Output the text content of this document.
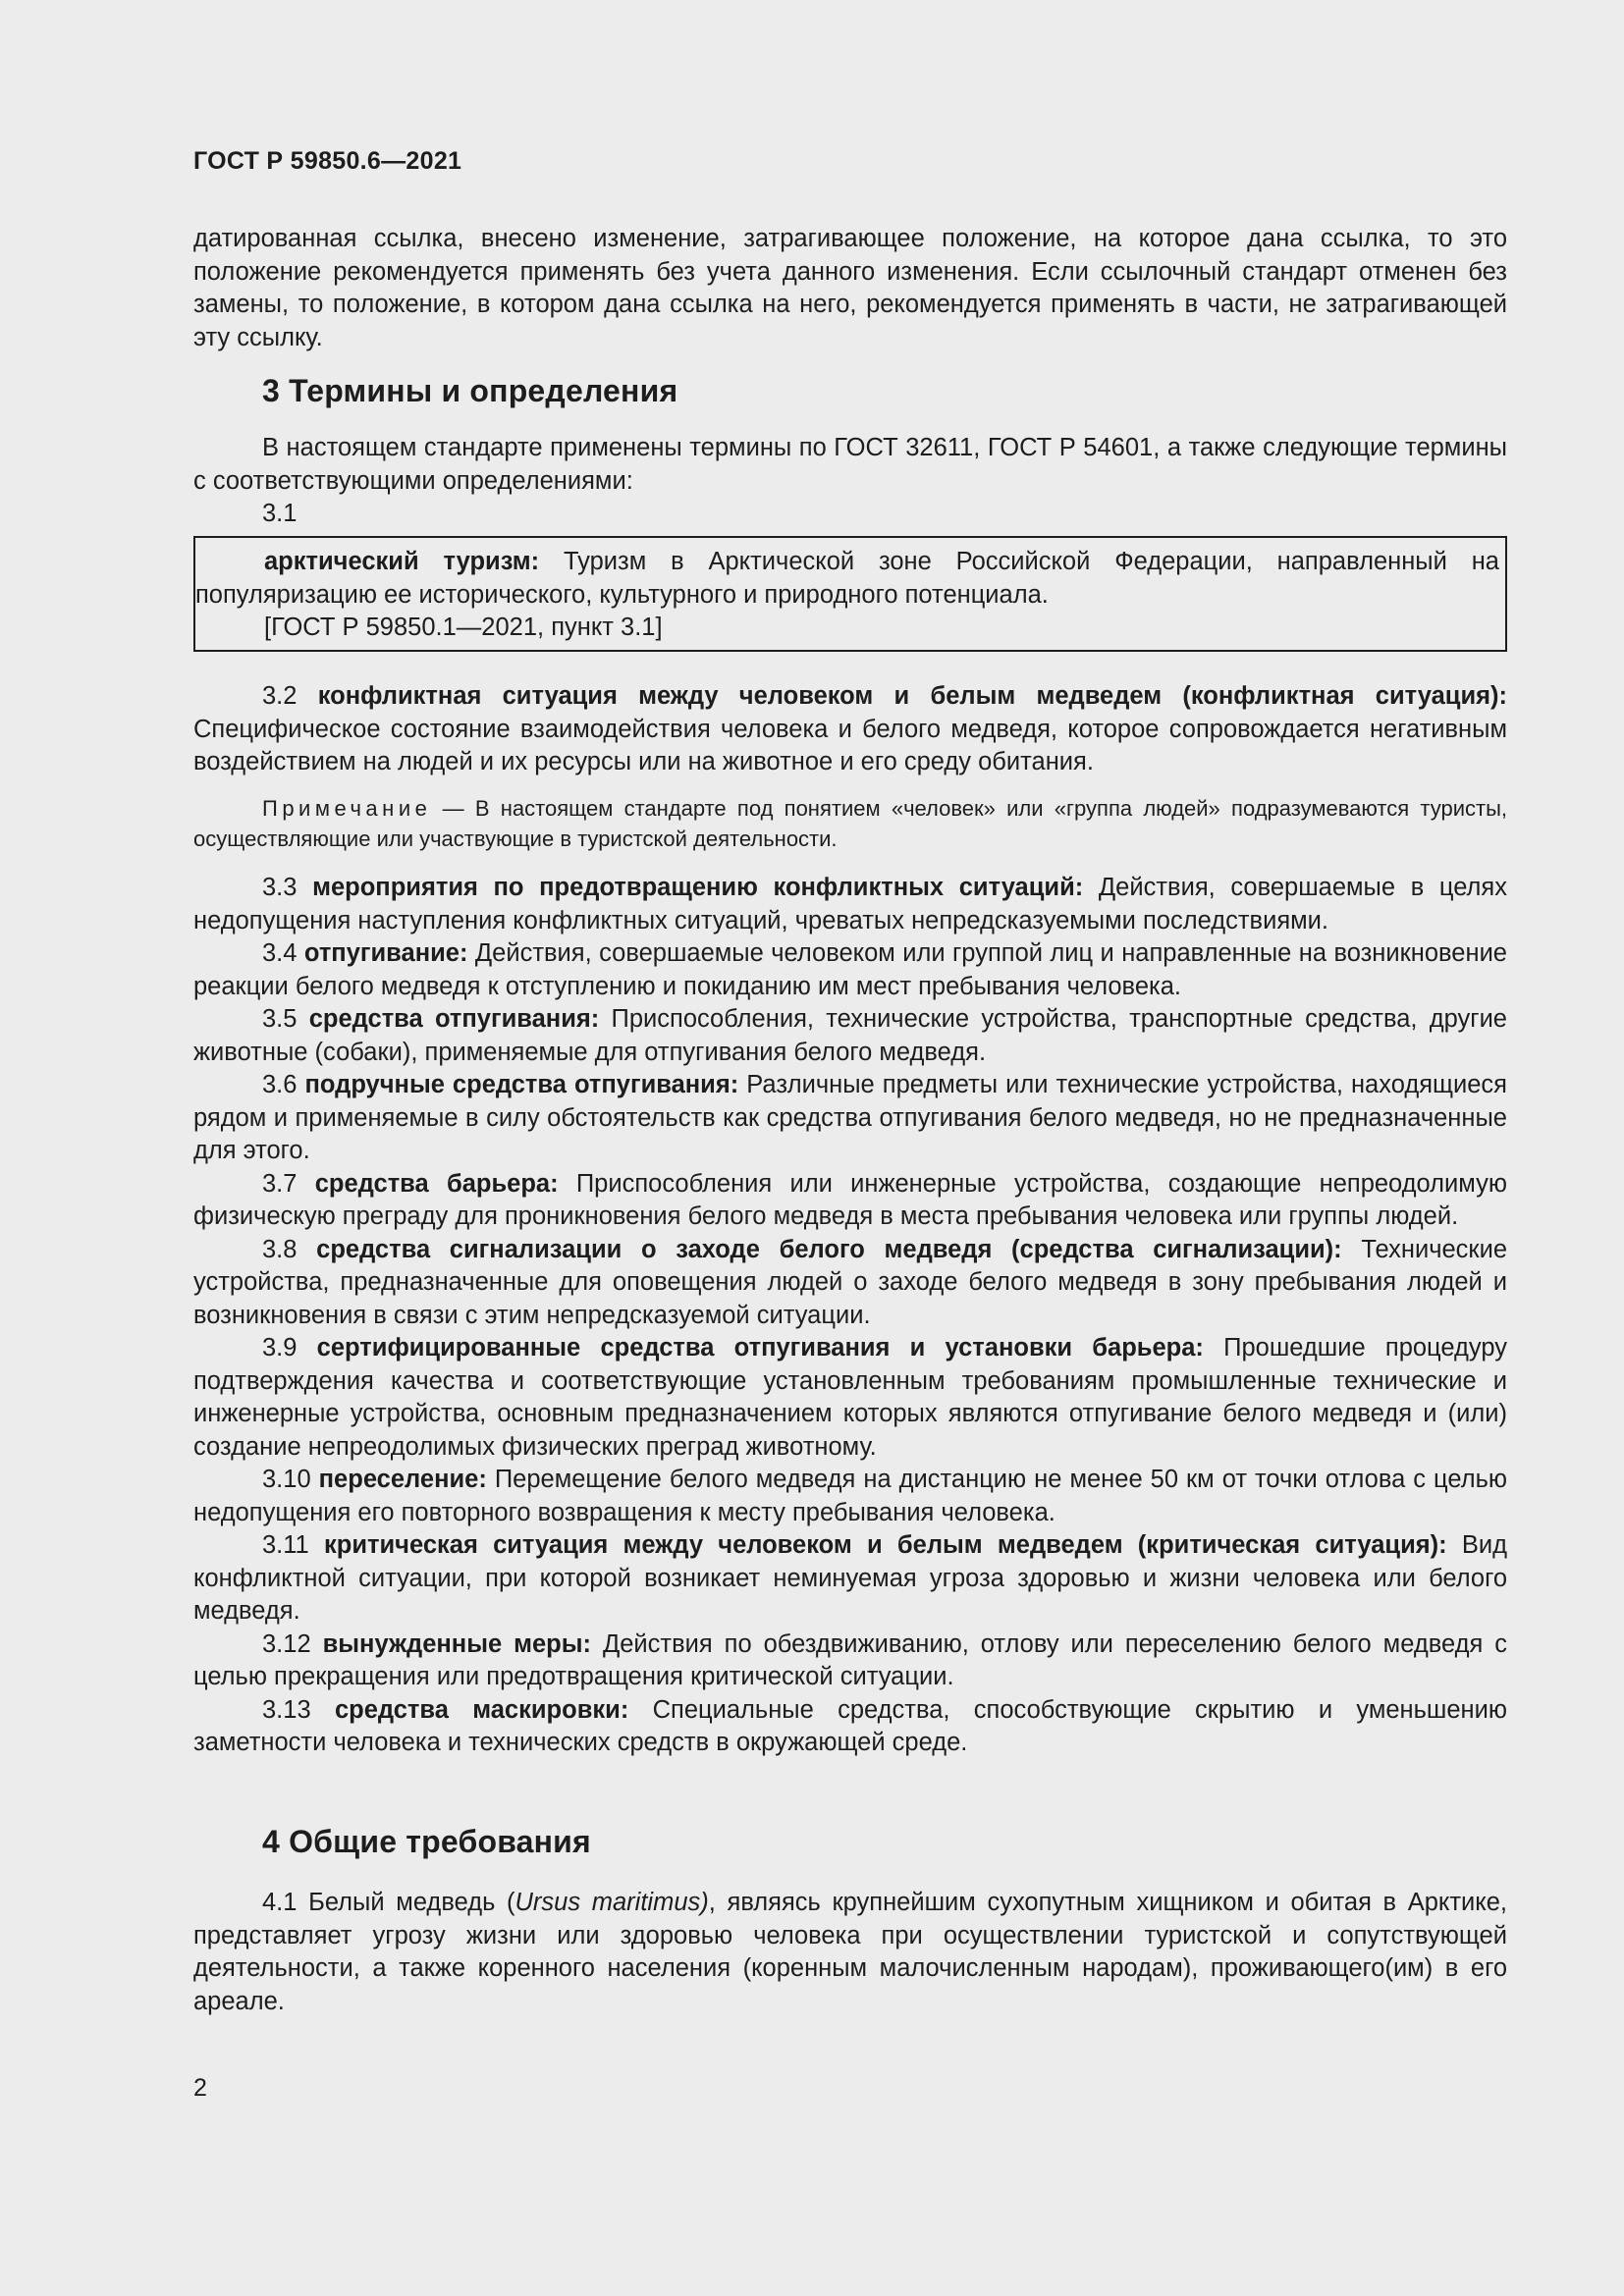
ГОСТ Р 59850.6—2021

датированная ссылка, внесено изменение, затрагивающее положение, на которое дана ссылка, то это положение рекомендуется применять без учета данного изменения. Если ссылочный стандарт отменен без замены, то положение, в котором дана ссылка на него, рекомендуется применять в части, не затрагивающей эту ссылку.

3 Термины и определения

В настоящем стандарте применены термины по ГОСТ 32611, ГОСТ Р 54601, а также следующие термины с соответствующими определениями:

3.1

арктический туризм: Туризм в Арктической зоне Российской Федерации, направленный на популяризацию ее исторического, культурного и природного потенциала.

[ГОСТ Р 59850.1—2021, пункт 3.1]

3.2 конфликтная ситуация между человеком и белым медведем (конфликтная ситуация): Специфическое состояние взаимодействия человека и белого медведя, которое сопровождается негативным воздействием на людей и их ресурсы или на животное и его среду обитания.

Примечание — В настоящем стандарте под понятием «человек» или «группа людей» подразумеваются туристы, осуществляющие или участвующие в туристской деятельности.

3.3 мероприятия по предотвращению конфликтных ситуаций: Действия, совершаемые в целях недопущения наступления конфликтных ситуаций, чреватых непредсказуемыми последствиями.

3.4 отпугивание: Действия, совершаемые человеком или группой лиц и направленные на возникновение реакции белого медведя к отступлению и покиданию им мест пребывания человека.

3.5 средства отпугивания: Приспособления, технические устройства, транспортные средства, другие животные (собаки), применяемые для отпугивания белого медведя.

3.6 подручные средства отпугивания: Различные предметы или технические устройства, находящиеся рядом и применяемые в силу обстоятельств как средства отпугивания белого медведя, но не предназначенные для этого.

3.7 средства барьера: Приспособления или инженерные устройства, создающие непреодолимую физическую преграду для проникновения белого медведя в места пребывания человека или группы людей.

3.8 средства сигнализации о заходе белого медведя (средства сигнализации): Технические устройства, предназначенные для оповещения людей о заходе белого медведя в зону пребывания людей и возникновения в связи с этим непредсказуемой ситуации.

3.9 сертифицированные средства отпугивания и установки барьера: Прошедшие процедуру подтверждения качества и соответствующие установленным требованиям промышленные технические и инженерные устройства, основным предназначением которых являются отпугивание белого медведя и (или) создание непреодолимых физических преград животному.

3.10 переселение: Перемещение белого медведя на дистанцию не менее 50 км от точки отлова с целью недопущения его повторного возвращения к месту пребывания человека.

3.11 критическая ситуация между человеком и белым медведем (критическая ситуация): Вид конфликтной ситуации, при которой возникает неминуемая угроза здоровью и жизни человека или белого медведя.

3.12 вынужденные меры: Действия по обездвиживанию, отлову или переселению белого медведя с целью прекращения или предотвращения критической ситуации.

3.13 средства маскировки: Специальные средства, способствующие скрытию и уменьшению заметности человека и технических средств в окружающей среде.

4 Общие требования

4.1 Белый медведь (Ursus maritimus), являясь крупнейшим сухопутным хищником и обитая в Арктике, представляет угрозу жизни или здоровью человека при осуществлении туристской и сопутствующей деятельности, а также коренного населения (коренным малочисленным народам), проживающего(им) в его ареале.

2
